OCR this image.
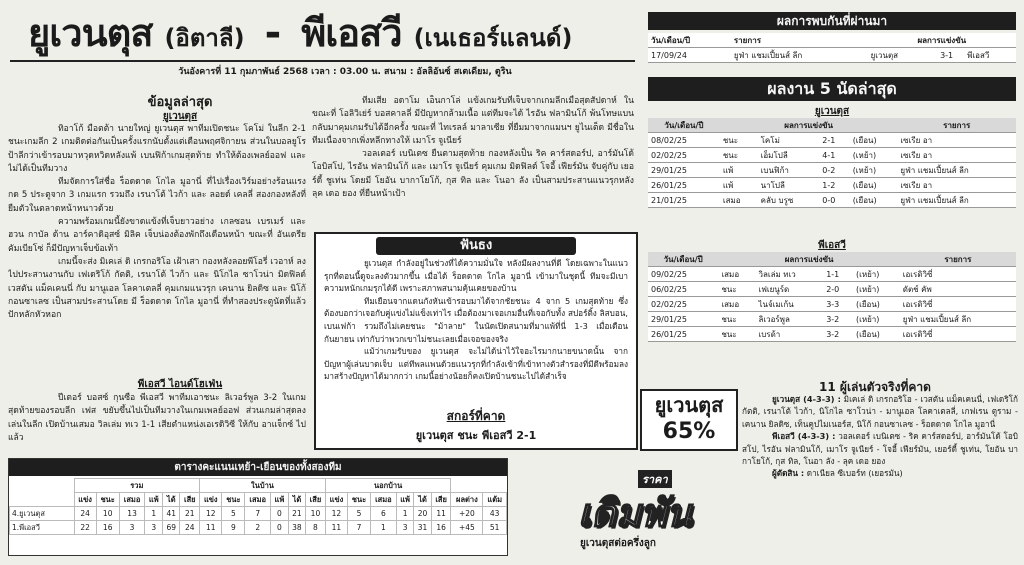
ยูเวนตุส (อิตาลี) - พีเอสวี (เนเธอร์แลนด์)
วันอังคารที่ 11 กุมภาพันธ์ 2568 เวลา : 03.00 น. สนาม : อัลลิอันซ์ สเตเดียม, ตูริน
ข้อมูลล่าสุด
ยูเวนตุส

ทิอาโก้ มือตต้า นายใหญ่ ยูเวนตุส พาทีมเปิดชนะ โคโม่ ในลีก 2-1 ชนะเกมลีก 2 เกมติดต่อกันเป็นครั้งแรกนับตั้งแต่เดือนพฤศจิกายน ส่วนในบอลยูโรป้าลีกว่าเข้ารอบมาหวุดหวิดหลังแพ้ เบนฟิก้าเกมสุดท้าย ทำให้ต้องเพลย์ออฟ และไม่ได้เป็นทีมวาง

ทีมจัดการใส่ชื่อ ร็อดดาด โกไล มูอานี่ ที่ไปเรื่องเวิร์มอย่างร้อนแรงกด 5 ประตูจาก 3 เกมแรก รวมถึง เรนาโต้ ไวก้า และ ลอยด์ เคลลี่ สองกองหลังที่ยืมตัวในตลาดหน้าหนาวด้วย

ความพร้อมเกมนี้ยังขาดแข้งที่เจ็บยาวอย่าง เกลซอน เบรเมร์ และ ฮวน กาบัล ด้าน อาร์คาดิอุสซ์ มิลิค เจ็บน่องต้องพักถึงเดือนหน้า ขณะที่ อันเดรีย คัมเบียโซ่ ก็มีปัญหาเจ็บข้อเท้า

เกมนี้จะส่ง มิเคเล่ ดิ เกรกอริโอ เฝ้าเสา กองหลังลอยพีโอรี่ เวอาห์ ลงไปประสานงานกับ เฟเดริโก้ กัตติ, เรนาโต้ ไวก้า และ นิโกไล ซาโวน่า มิดฟิลด์ เวสตัน แม็คเคนนี่ กับ มานูเอล โลคาเตลลี่ คุมเกมแนวรุก เคนาน ยิลดิซ และ นิโก้ กอนซาเลซ เป็นสามประสานโดย มี ร็อดดาด โกไล มูอานี่ ที่ทำสองประตูนัดที่แล้วปักหลักหัวหอก

พีเอสวี ไอนด์โฮเฟ่น

ปีเตอร์ บอสซ์ กุนซือ พีเอสวี พาทีมเอาชนะ ลิเวอร์พูล 3-2 ในเกมสุดท้ายของรอบลีก เฟส ขยับขึ้นไปเป็นทีมวางในเกมเพลย์ออฟ ส่วนเกมล่าสุดลงเล่นในลีก เปิดบ้านเสมอ วิลเล่ม ทเว 1-1 เสียตำแหน่งเอเรดิวิซี ให้กับ อาแจ็กซ์ ไปแล้ว

ทีมเสีย อดาโม เอ็นกาโล่ แข้งเกมรับที่เจ็บจากเกมลีกเมื่อสุดสัปดาห์ ในขณะที่ โอลิวิเย่ร์ บอสคาลลี่ มีปัญหากล้ามเนื้อ แต่ทีมจะได้ ไรอัน ฟลามินโก้ พ้นโทษแบนกลับมาคุมเกมรับได้อีกครั้ง ขณะที่ ไทเรลล์ มาลาเซีย ที่ยืมมาจากแมนฯ ยูไนเต็ด มีชื่อในทีมเนื่องจากเพิ่งหลีกทางให้ เมาโร จูเนียร์

วอลเตอร์ เบนิเตซ ยืนตามสุดท้าย กองหลังเป็น ริค คาร์สดอร์ป, อาร์มันโด้ โอบิสโป, ไรอัน ฟลามินโก้ และ เมาโร จูเนียร์ คุมเกม มิดฟิลด์ โจอี้ เฟียร์มัน จับคู่กับ เยอร์ดี้ ชูเท่น โดยมี โยอัน บากาโยโก้, กุส ทิล และ โนอา ลัง เป็นสามประสานแนวรุกหลัง ลุค เดอ ยอง ที่ยืนหน้าเป้า

ฟันธง

ยูเวนตุส กำลังอยู่ในช่วงที่ได้ความมั่นใจ หลังมีผลงานที่ดี โดยเฉพาะในแนวรุกที่ตอนนี้ดูจะลงตัวมากขึ้น เมื่อได้ ร็อดดาด โกไล มูอานี่ เข้ามาในชุดนี้ ทีมจะมีเบาความหนักเกมรุกได้ดี เพราะสภาพสนามคุ้นเคยของบ้าน

ทีมเยือนจากแดนกังหันเข้ารอบมาได้จากชัยชนะ 4 จาก 5 เกมสุดท้าย ซึ่งต้องบอกว่าเจอกับคู่แข่งไม่แข็งเท่าไร เมื่อต้องมาเจอเกมอื่นที่เจอกับทั้ง สปอร์ติ้ง ลิสบอน, เบนเฟก้า รวมถึงไม่เคยชนะ "ม้าลาย" ในนัดเปิดสนามที่มาแพ้ที่นี่ 1-3 เมื่อเดือนกันยายน เท่ากับว่าพวกเขาไม่ชนะเลยเมื่อเจอของจริง

แม้ว่าเกมรับของ ยูเวนตุส จะไม่ได้น่าไว้ใจอะไรมากนายขนาดนั้น จากปัญหาผู้เล่นบาดเจ็บ แต่ทีพลแพนด้วยแนวรุกที่กำลังเข้าที่เข้าทางตัวสำรองที่มีดีพร้อมลงมาสร้างปัญหาได้มากกว่า เกมนี้อย่างน้อยก็คงเปิดบ้านชนะไปได้สำเร็จ

สกอร์ที่คาด
ยูเวนตุส ชนะ พีเอสวี 2-1
ผลการพบกันที่ผ่านมา
วัน/เดือน/ปี	รายการ	ผลการแข่งขัน		
17/09/24	ยูฟ่า แชมเปี้ยนส์ ลีก	ยูเวนตุส	3-1	พีเอสวี
ผลงาน 5 นัดล่าสุด
ยูเวนตุส
วัน/เดือน/ปี	ผลการแข่งขัน				รายการ
08/02/25	ชนะ	โคโม่	2-1	(เยือน)	เซเรีย อา
02/02/25	ชนะ	เอ็มโปลี	4-1	(เหย้า)	เซเรีย อา
29/01/25	แพ้	เบนฟิก้า	0-2	(เหย้า)	ยูฟ่า แชมเปี้ยนส์ ลีก
26/01/25	แพ้	นาโปลี	1-2	(เยือน)	เซเรีย อา
21/01/25	เสมอ	คลับ บรูซ	0-0	(เยือน)	ยูฟ่า แชมเปี้ยนส์ ลีก
พีเอสวี
วัน/เดือน/ปี	ผลการแข่งขัน				รายการ
09/02/25	เสมอ	วิลเล่ม ทเว	1-1	(เหย้า)	เอเรดิวิซี่
06/02/25	ชนะ	เฟเยนูร์ด	2-0	(เหย้า)	ดัตช์ คัพ
02/02/25	เสมอ	ไนจ์เมเก้น	3-3	(เยือน)	เอเรดิวิซี่
29/01/25	ชนะ	ลิเวอร์พูล	3-2	(เหย้า)	ยูฟ่า แชมเปี้ยนส์ ลีก
26/01/25	ชนะ	เบรด้า	3-2	(เยือน)	เอเรดิวิซี่
ยูเวนตุส
65%
11 ผู้เล่นตัวจริงที่คาด

ยูเวนตุส (4-3-3) : มิเคเล่ ดิ เกรกอริโอ - เวสตัน แม็คเคนนี่, เฟเดริโก้ กัตติ, เรนาโต้ ไวก้า, นิโกไล ซาโวน่า - มานูเอล โลคาเตลลี่, เกฟเรน ตูราม - เคนาน ยิลดิซ, เท็นคูปไมเนอร์ส, นิโก้ กอนซาเลซ - ร็อดดาด โกไล มูอานี่

พีเอสวี (4-3-3) : วอลเตอร์ เบนิเตซ - ริค คาร์สดอร์ป, อาร์มันโด้ โอบิสโป, ไรอัน ฟลามินโก้, เมาโร จูเนียร์ - โจอี้ เฟียร์มัน, เยอร์ดี้ ชูเท่น, โยอัน บากาโยโก้, กุส ทิล, โนอา ลัง - ลุค เดอ ยอง

ผู้ตัดสิน : ดาเนียล ซีเบอร์ท (เยอรมัน)

ตารางคะแนนเหย้า-เยือนของทั้งสองทีม
	รวม						ในบ้าน						นอกบ้าน							
	แข่ง	ชนะ	เสมอ	แพ้	ได้	เสีย	แข่ง	ชนะ	เสมอ	แพ้	ได้	เสีย	แข่ง	ชนะ	เสมอ	แพ้	ได้	เสีย	ผลต่าง	แต้ม
4.ยูเวนตุส	24	10	13	1	41	21	12	5	7	0	21	10	12	5	6	1	20	11	+20	43
1.พีเอสวี	22	16	3	3	69	24	11	9	2	0	38	8	11	7	1	3	31	16	+45	51
ราคา
เดิมพัน
ยูเวนตุสต่อครึ่งลูก
